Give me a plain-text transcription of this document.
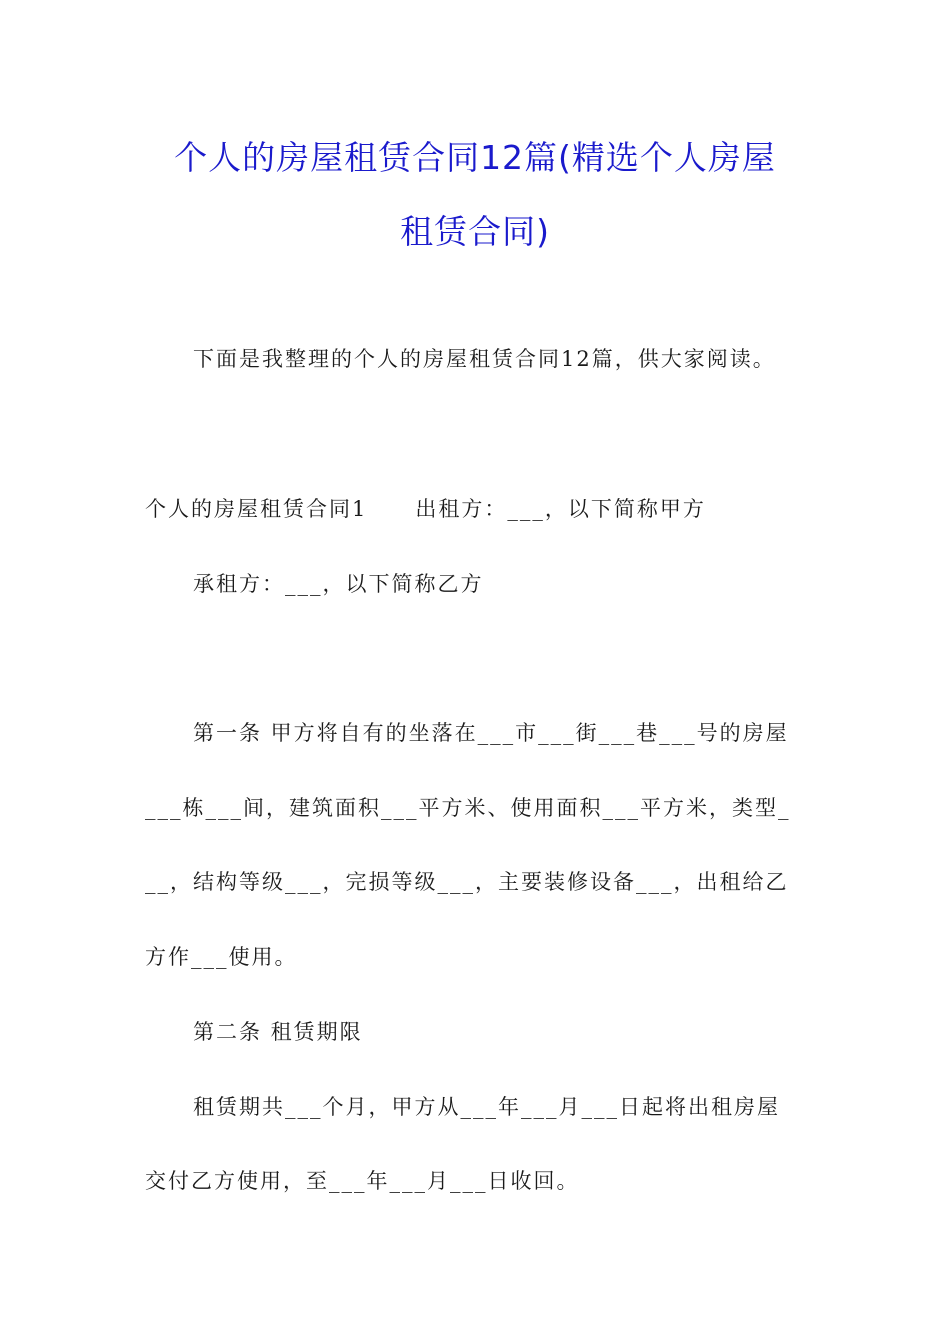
个人的房屋租赁合同12篇(精选个人房屋
租赁合同)
下面是我整理的个人的房屋租赁合同12篇，供大家阅读。
个人的房屋租赁合同1 出租方：___，以下简称甲方
承租方：___，以下简称乙方
第一条 甲方将自有的坐落在___市___街___巷___号的房屋
___栋___间，建筑面积___平方米、使用面积___平方米，类型_
__，结构等级___，完损等级___，主要装修设备___，出租给乙
方作___使用。
第二条 租赁期限
租赁期共___个月，甲方从___年___月___日起将出租房屋
交付乙方使用，至___年___月___日收回。
